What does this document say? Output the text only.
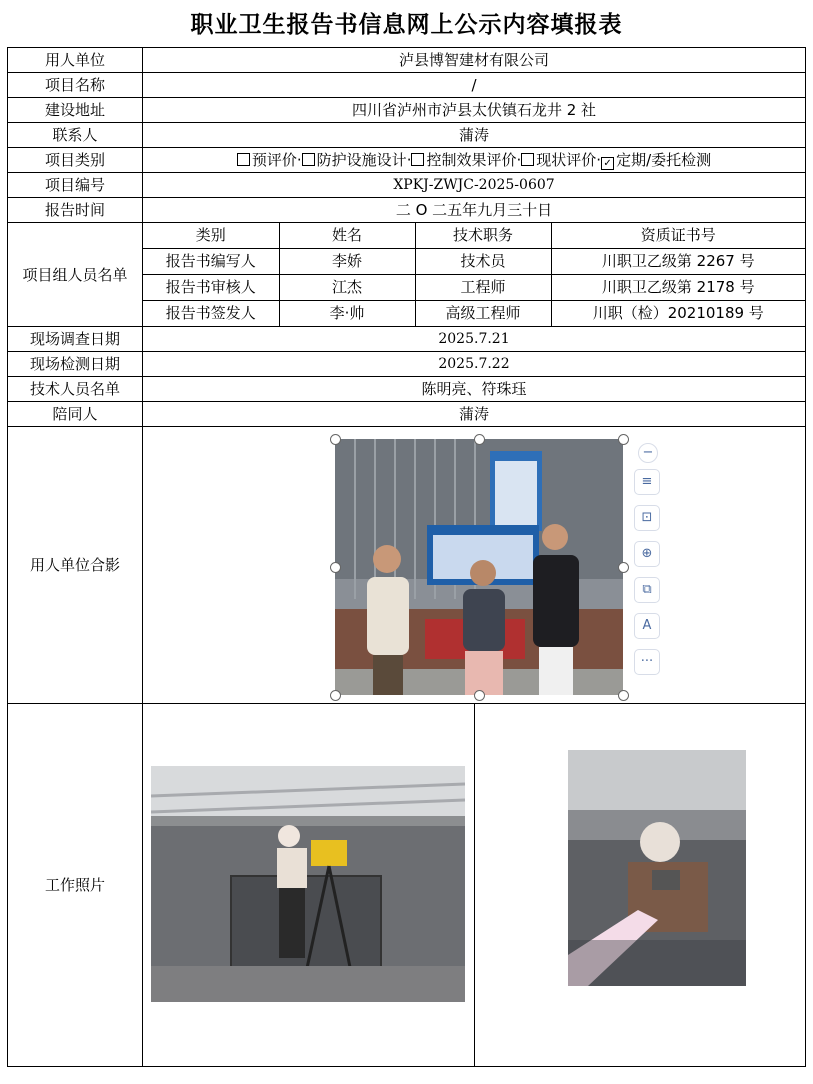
职业卫生报告书信息网上公示内容填报表
用人单位	泸县博智建材有限公司
项目名称	/
建设地址	四川省泸州市泸县太伏镇石龙井 2 社
联系人	蒲涛
项目类别	预评价· 防护设施设计· 控制效果评价· 现状评价· ✓ 定期/委托检测
项目编号	XPKJ-ZWJC-2025-0607
报告时间	二 O 二五年九月三十日
项目组人员名单	
类别	姓名	技术职务	资质证书号
报告书编写人	李娇	技术员	川职卫乙级第 2267 号
报告书审核人	江杰	工程师	川职卫乙级第 2178 号
报告书签发人	李·帅	高级工程师	川职（检）20210189 号

现场调查日期	2025.7.21
现场检测日期	2025.7.22
技术人员名单	陈明亮、符珠珏
陪同人	蒲涛
用人单位合影	
−
≡
⊡
⊕
⧉
A
···

工作照片	
